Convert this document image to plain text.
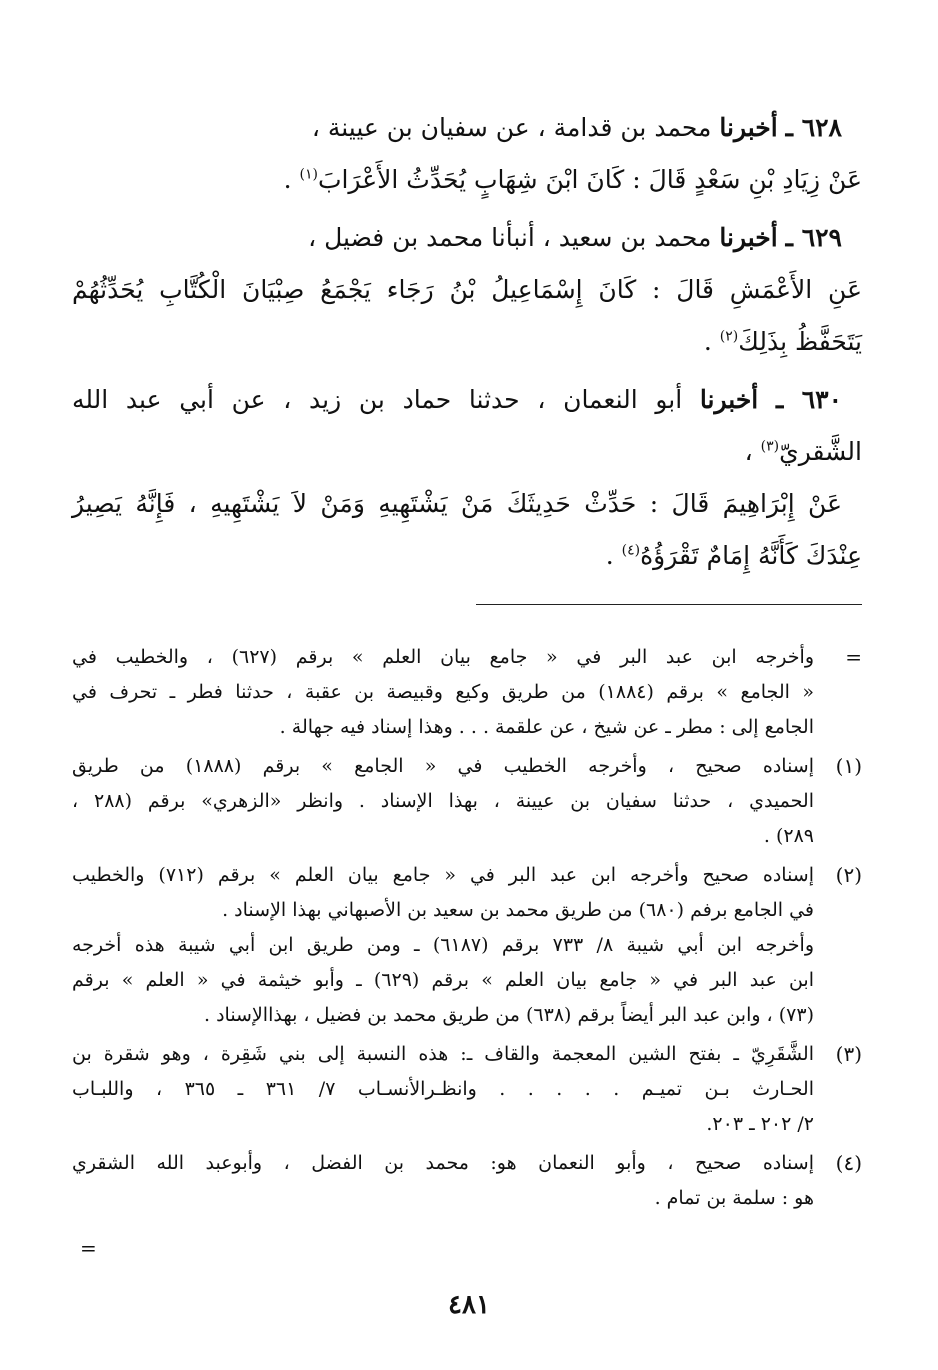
٦٢٨ ـ أخبرنا محمد بن قدامة ، عن سفيان بن عيينة ،
عَنْ زِيَادِ بْنِ سَعْدٍ قَالَ : كَانَ ابْنَ شِهَابٍ يُحَدِّثُ الأَعْرَابَ$^{(١)}$ .
٦٢٩ ـ أخبرنا محمد بن سعيد ، أنبأنا محمد بن فضيل ،
عَنِ الأَعْمَشِ قَالَ : كَانَ إِسْمَاعِيلُ بْنُ رَجَاء يَجْمَعُ صِبْيَانَ الْكُتَّابِ يُحَدِّثُهُمْ
يَتَحَفَّظُ بِذَلِكَ$^{(٢)}$ .
٦٣٠ ـ أخبرنا أبو النعمان ، حدثنا حماد بن زيد ، عن أبي عبد الله
الشَّقريّ$^{(٣)}$ ،
عَنْ إِبْرَاهِيمَ قَالَ : حَدِّثْ حَدِيثَكَ مَنْ يَشْتَهِيهِ وَمَنْ لاَ يَشْتَهِيهِ ، فَإِنَّهُ يَصِيرُ
عِنْدَكَ كَأَنَّهُ إِمَامٌ تَقْرَؤُهُ$^{(٤)}$ .
=
وأخرجه ابن عبد البر في « جامع بيان العلم » برقم (٦٢٧) ، والخطيب في
« الجامع » برقم (١٨٨٤) من طريق وكيع وقبيصة بن عقبة ، حدثنا فطر ـ تحرف في
الجامع إلى : مطر ـ عن شيخ ، عن علقمة . . . وهذا إسناد فيه جهالة .
(١)
إسناده صحيح ، وأخرجه الخطيب في « الجامع » برقم (١٨٨٨) من طريق
الحميدي ، حدثنا سفيان بن عيينة ، بهذا الإسناد . وانظر «الزهري» برقم (٢٨٨ ،
٢٨٩) .
(٢)
إسناده صحيح وأخرجه ابن عبد البر في « جامع بيان العلم » برقم (٧١٢) والخطيب
في الجامع برفم (٦٨٠) من طريق محمد بن سعيد بن الأصبهاني بهذا الإسناد .
وأخرجه ابن أبي شيبة ٨/ ٧٣٣ برقم (٦١٨٧) ـ ومن طريق ابن أبي شيبة هذه أخرجه
ابن عبد البر في « جامع بيان العلم » برقم (٦٢٩) ـ وأبو خيثمة في « العلم » برقم
(٧٣) ، وابن عبد البر أيضاً برقم (٦٣٨) من طريق محمد بن فضيل ، بهذاالإسناد .
(٣)
الشَّقَرِيّ ـ بفتح الشين المعجمة والقاف ـ: هذه النسبة إلى بني شَقِرة ، وهو شقرة بن
الحـارث بـن تميـم . . . . . وانظـرالأنسـاب ٧/ ٣٦١ ـ ٣٦٥ ، واللبـاب
٢/ ٢٠٢ ـ ٢٠٣.
(٤)
إسناده صحيح ، وأبو النعمان هو: محمد بن الفضل ، وأبوعبد الله الشقري
هو : سلمة بن تمام .
=
٤٨١
